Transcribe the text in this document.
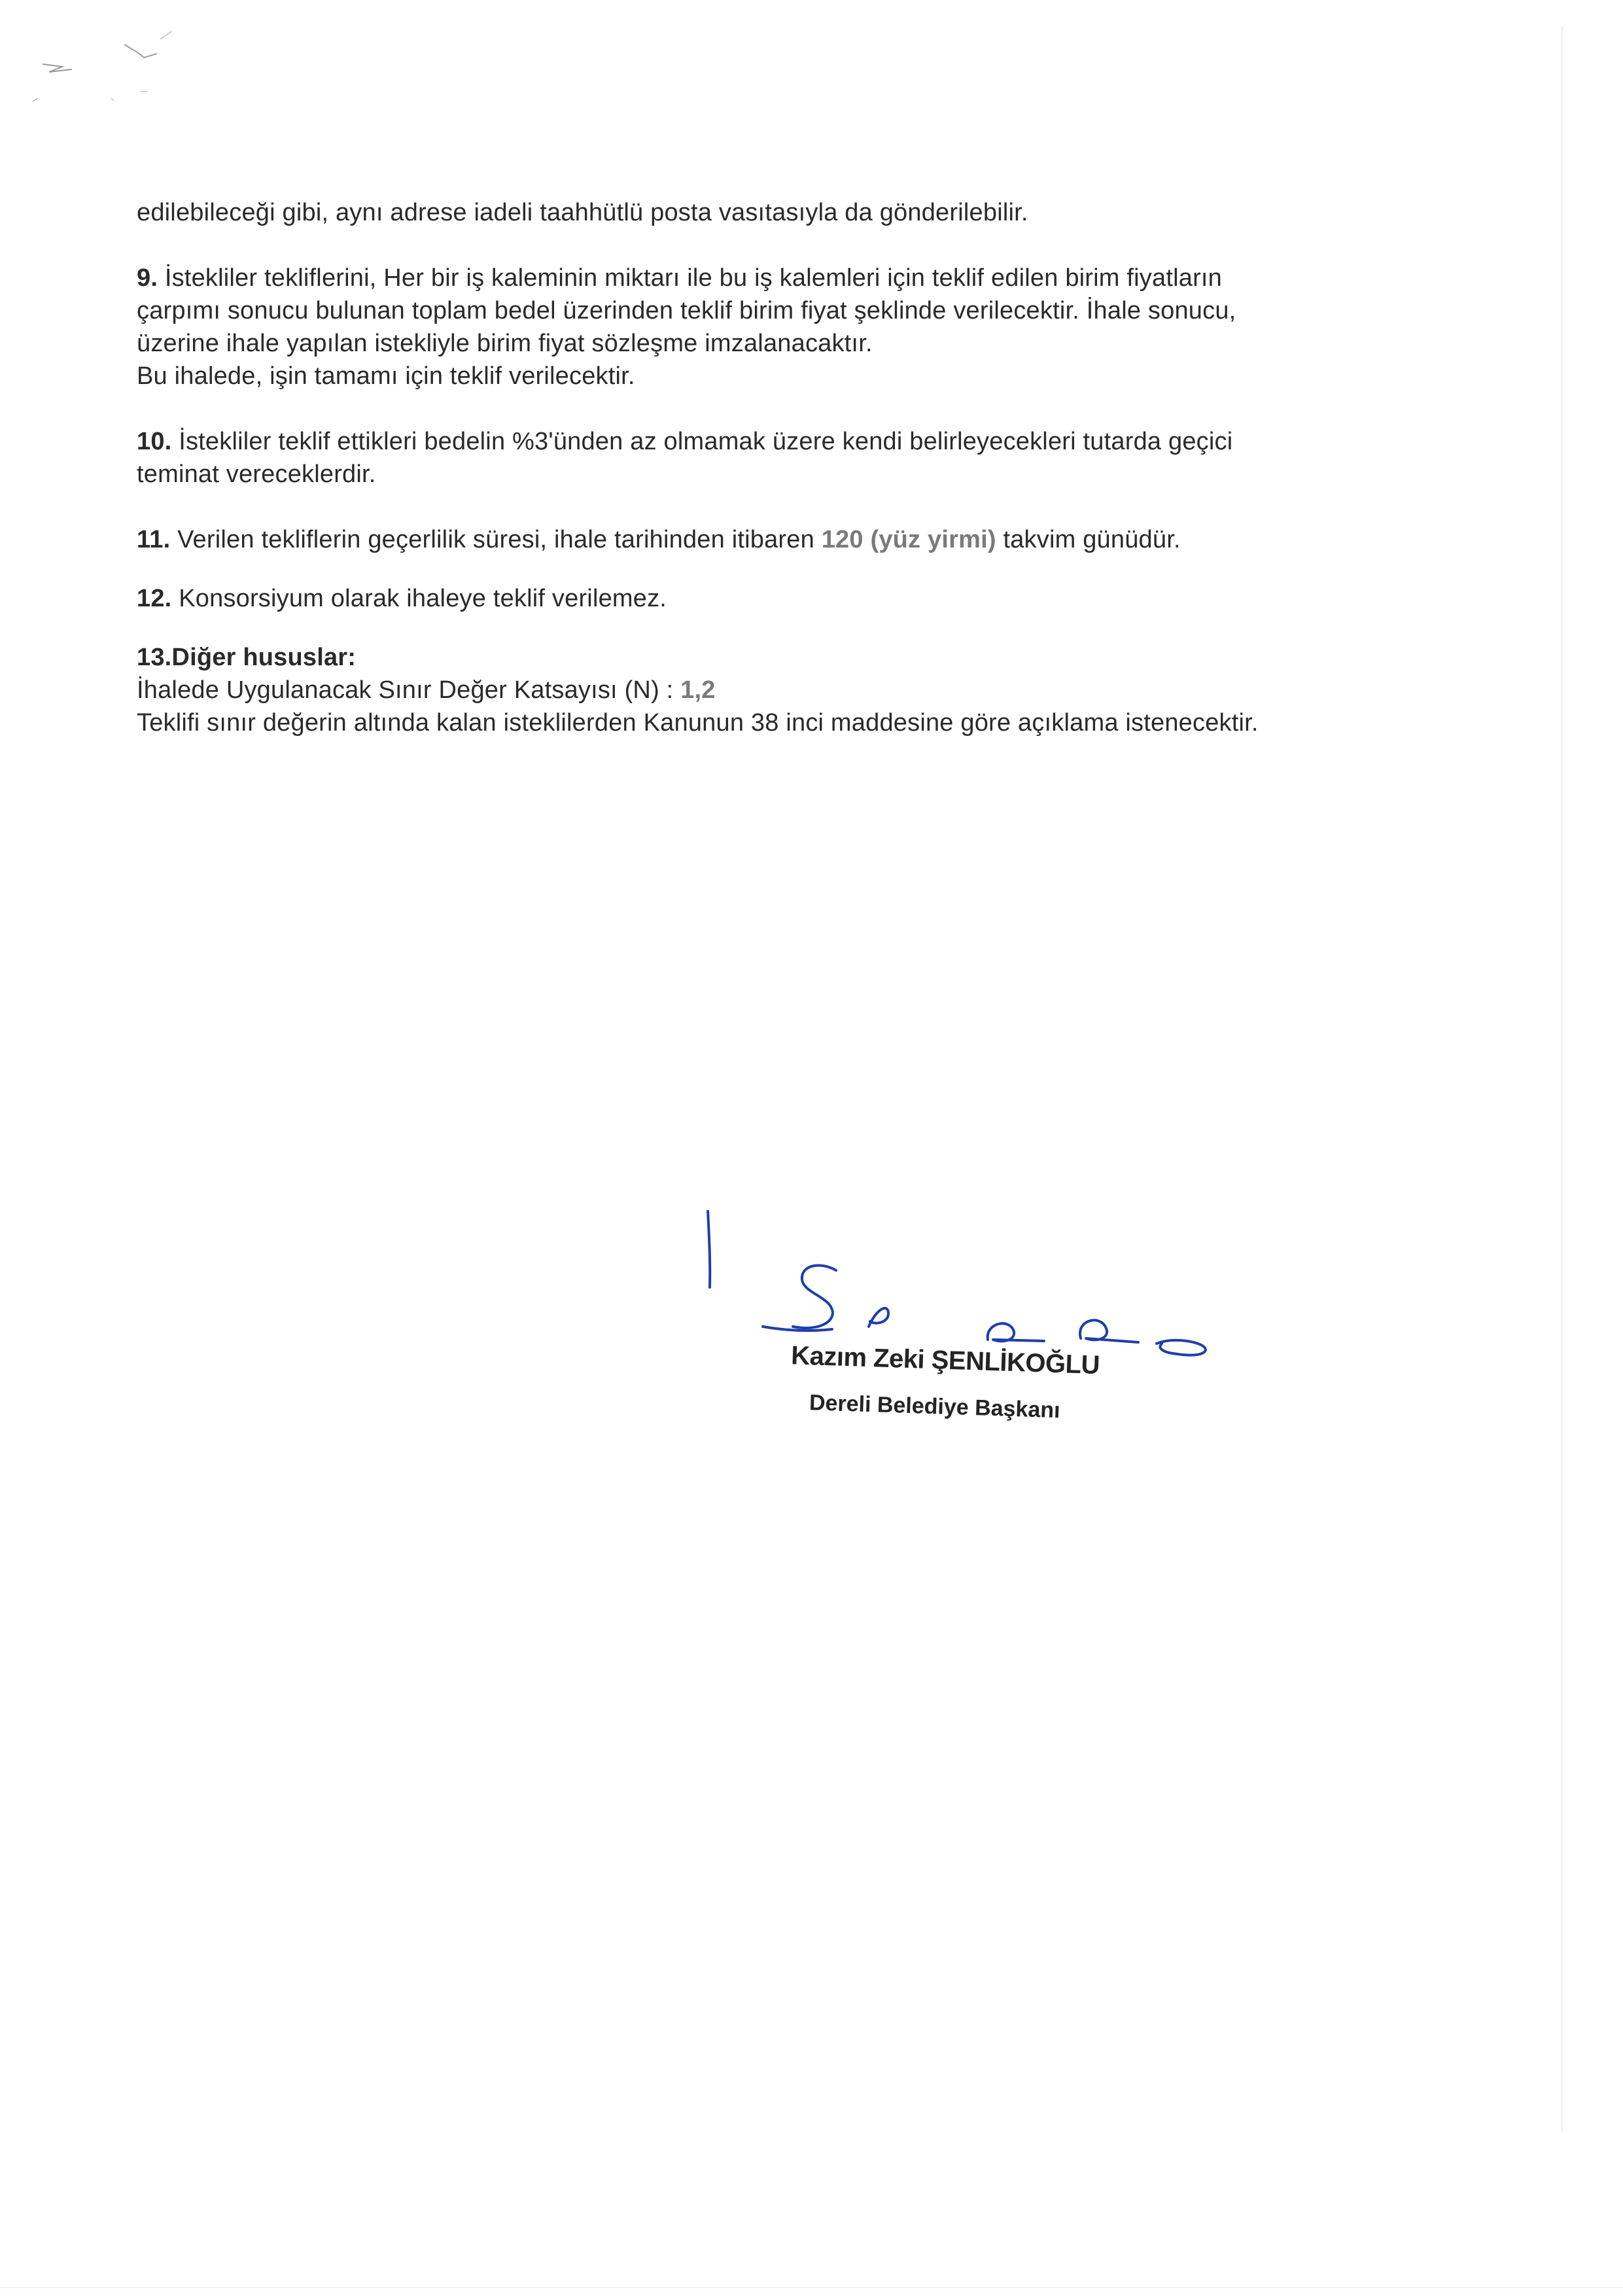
edilebileceği gibi, aynı adrese iadeli taahhütlü posta vasıtasıyla da gönderilebilir.

9. İstekliler tekliflerini, Her bir iş kaleminin miktarı ile bu iş kalemleri için teklif edilen birim fiyatların

çarpımı sonucu bulunan toplam bedel üzerinden teklif birim fiyat şeklinde verilecektir. İhale sonucu,

üzerine ihale yapılan istekliyle birim fiyat sözleşme imzalanacaktır.

Bu ihalede, işin tamamı için teklif verilecektir.

10. İstekliler teklif ettikleri bedelin %3'ünden az olmamak üzere kendi belirleyecekleri tutarda geçici

teminat vereceklerdir.

11. Verilen tekliflerin geçerlilik süresi, ihale tarihinden itibaren 120 (yüz yirmi) takvim günüdür.

12. Konsorsiyum olarak ihaleye teklif verilemez.

13.Diğer hususlar:

İhalede Uygulanacak Sınır Değer Katsayısı (N) : 1,2

Teklifi sınır değerin altında kalan isteklilerden Kanunun 38 inci maddesine göre açıklama istenecektir.

Kazım Zeki ŞENLİKOĞLU
Dereli Belediye Başkanı
